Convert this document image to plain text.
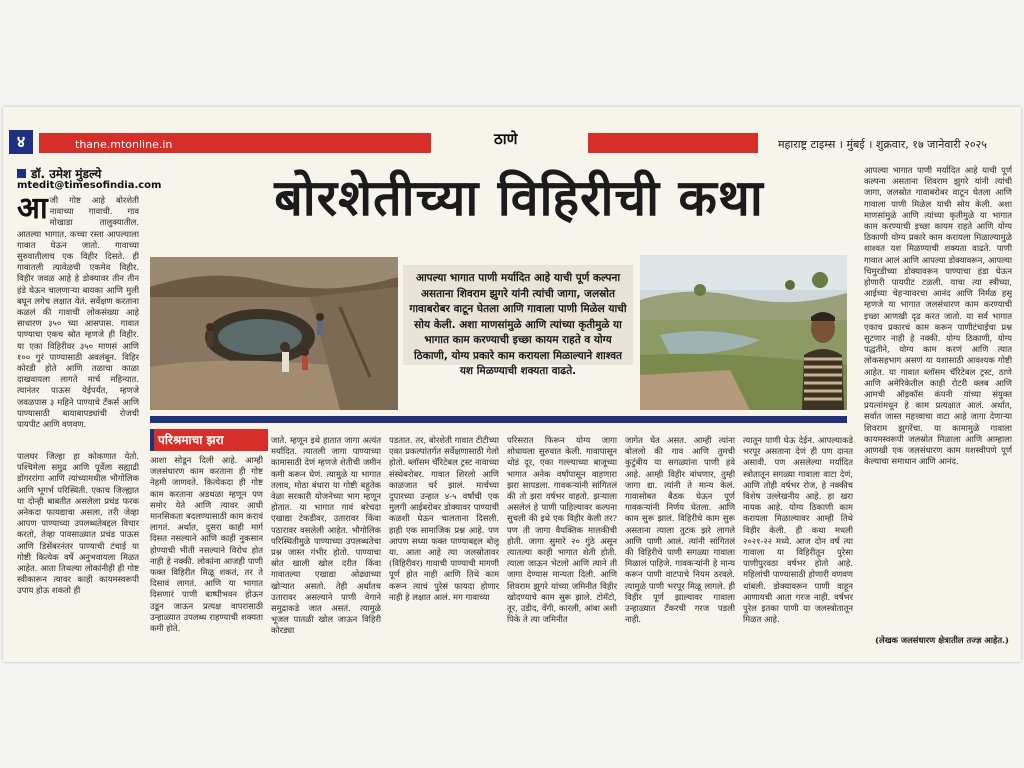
४	thane.mtonline.in	ठाणे	महाराष्ट्र टाइम्स । मुंबई । शुक्रवार, १७ जानेवारी २०२५
डॉ. उमेश मुंडल्ये
mtedit@timesofindia.com	बोरशेतीच्या विहिरीची कथा
आ जी गोष्ट आहे बोरशेती नावाच्या गावाची. गाव मोखाडा तालुक्यातील. आतल्या भागात. कच्चा रस्ता आपल्याला गावात घेऊन जातो. गावाच्या सुरुवातीलाच एक विहीर दिसते. ही गावातली त्यावेळची एकमेव विहीर. विहीर जवळ आहे हे डोक्यावर तीन तीन हंडे घेऊन चालणाऱ्या बायका आणि मुली बघून लगेच लक्षात येतं. सर्वेक्षण करताना कळलं की गावाची लोकसंख्या आहे साधारण ३५० च्या आसपास. गावात पाण्याचा एकच स्रोत म्हणजे ही विहीर. या एका विहिरीवर ३५० माणसं आणि १०० गुरं पाण्यासाठी अवलंबून. विहिर कोरडी होते आणि तळाचा काळा दाखवायला लागते मार्च महिन्यात. त्यानंतर पाऊस येईपर्यंत, म्हणजे जवळपास ३ महिने पाण्याचे टँकर्स आणि पाण्यासाठी बायाबापड्यांची रोजची पायपीट आणि वणवण.
आपल्या भागात पाणी मर्यादित आहे याची पूर्ण कल्पना असताना शिवराम झुगरे यांनी त्यांची जागा, जलस्रोत गावाबरोबर वाटून घेतला आणि गावाला पाणी मिळेल याची सोय केली. अशा माणसांमुळे आणि त्यांच्या कृतीमुळे या भागात काम करण्याची इच्छा कायम राहते व योग्य ठिकाणी, योग्य प्रकारे काम करायला मिळाल्याने शाश्वत यश मिळण्याची शक्यता वाढते.
आपल्या भागात पाणी मर्यादित आहे याची पूर्ण कल्पना असताना शिवराम झुगरे यांनी त्यांची जागा, जलस्रोत गावाबरोबर वाटून घेतला आणि गावाला पाणी मिळेल याची सोय केली. अशा माणसांमुळे आणि त्यांच्या कृतीमुळे या भागात काम करण्याची इच्छा कायम राहते आणि योग्य ठिकाणी योग्य प्रकारे काम करायला मिळाल्यामुळे शाश्वत यश मिळण्याची शक्यता वाढते. पाणी गावात आलं आणि आपल्या डोक्यावरून, आपल्या चिमुरडीच्या डोक्यावरून पाण्याचा हंडा घेऊन होणारी पायपीट टळली. याचा त्या स्त्रीच्या, आईच्या चेहऱ्यावरचा आनंद आणि निर्मळ हसू म्हणजे या भागात जलसंधारण काम करण्याची इच्छा आणखी दृढ करत जातो. या सर्व भागात एकाच प्रकारचं काम करून पाणीटंचाईचा प्रश्न सुटणार नाही हे नक्की. योग्य ठिकाणी, योग्य पद्धतीने, योग्य काम करणं आणि त्यात लोकसहभाग असणं या यशासाठी आवश्यक गोष्टी आहेत. या गावात ब्लॉसम चॅरिटेबल ट्रस्ट, ठाणे आणि अमेरिकेतील काही रोटरी क्लब आणि आमची ऑइकॉस कंपनी यांच्या संयुक्त प्रयत्नांमधून हे काम प्रत्यक्षात आलं. अर्थात, सर्वात जास्त महत्त्वाचा वाटा आहे जागा देणाऱ्या शिवराम झुगरेंचा. या कामामुळे गावाला कायमस्वरूपी जलस्रोत मिळाला आणि आम्हाला आणखी एक जलसंधारण काम यशस्वीपणे पूर्ण केल्याचा समाधान आणि आनंद.
परिश्रमाचा झरा
पालघर जिल्हा हा कोकणात येतो. पश्चिमेला समुद्र आणि पूर्वेला सह्याद्री डोंगररांगा आणि त्यांच्यामधील भौगोलिक आणि भूगर्भ परिस्थिती. एकाच जिल्ह्यात या दोन्ही बाबतीत असलेला प्रचंड फरक अनेकदा फायद्याचा असला, तरी जेव्हा आपण पाण्याच्या उपलब्धतेबद्दल विचार करतो, तेव्हा पावसाळ्यात प्रचंड पाऊस आणि डिसेंबरनंतर पाण्याची टंचाई या गोष्टी कित्येक वर्षे अनुभवायला मिळत आहेत. आता तिथल्या लोकांनीही ही गोष्ट स्वीकारून त्यावर काही कायमस्वरूपी उपाय होऊ शकतो ही
आशा सोडून दिली आहे. आम्ही जलसंधारण काम करताना ही गोष्ट नेहमी जाणवते. कित्येकदा ही गोष्ट काम करताना अडथळा म्हणून पण समोर येते आणि त्यावर आधी मानसिकता बदलण्यासाठी काम करावं लागतं. अर्थात, दुसरा काही मार्ग दिसत नसल्याने आणि काही नुकसान होण्याची भीती नसल्याने विरोध होत नाही हे नक्की. लोकांना आजही पाणी फक्त विहिरीत मिळू शकतं, तर ते दिसावं लागतं. आणि या भागात दिसणारं पाणी बाष्पीभवन होऊन उडून जाऊन प्रत्यक्ष वापरासाठी उन्हाळ्यात उपलब्ध राहण्याची शक्यता कमी होते.
जाते. म्हणून इथे हातात जागा अत्यंत मर्यादित. त्यातली जागा पाण्याच्या कामासाठी देणं म्हणजे शेतीची जमीन कमी करून घेणं. त्यामुळे या भागात तलाव, मोठा बंधारा या गोष्टी बहुतेक वेळा सरकारी योजनेच्या भाग म्हणून होतात. या भागात गावं बरेचदा एखाद्या टेकडीवर, उतारावर किंवा पठारावर वसलेली आहेत. भौगोलिक परिस्थितीमुळे पाण्याच्या उपलब्धतेचा प्रश्न जास्त गंभीर होतो. पाण्याचा स्रोत खाली खोल दरीत किंवा गावातल्या एखाद्या ओढ्याच्या खोऱ्यात असतो. तेही अर्थातच उतारावर असल्याने पाणी वेगाने समुद्राकडे जात असतं. त्यामुळे भूजल पातळी खोल जाऊन विहिरी कोरड्या
पडतात. तर, बोरशेती गावात टीटीच्या एका प्रकल्पांतर्गत सर्वेक्षणासाठी गेलो होतो. ब्लॉसम चॅरिटेबल ट्रस्ट नावाच्या संस्थेबरोबर. गावात शिरलो आणि काळजात चर्र झालं. मार्चच्या दुपारच्या उन्हात ४-५ वर्षांची एक मुलगी आईबरोबर डोक्यावर पाण्याची कळशी घेऊन चालताना दिसली. हाही एक सामाजिक प्रश्न आहे. पण आपण सध्या फक्त पाण्याबद्दल बोलू या. आता आहे त्या जलस्रोतावर (विहिरीवर) गावाची पाण्याची मागणी पूर्ण होत नाही आणि तिथे काम करून त्याचं पुरेसं फायदा होणार नाही हे लक्षात आलं. मग गावाच्या
परिसरात फिरून योग्य जागा शोधायला सुरुवात केली. गावापासून थोडं दूर, एका गल्ल्याच्या बाजूच्या भागात अनेक वर्षांपासून वाहणारा झरा सापडला. गावकऱ्यांनी सांगितलं की तो झरा वर्षभर वाहतो. झऱ्याला असलेलं हे पाणी पाहिल्यावर कल्पना सुचली की इथे एक विहीर केली तर? पण ती जागा वैयक्तिक मालकीची होती. जागा सुमारे २० गुंठे असून त्यातल्या काही भागात शेती होती. त्याला जाऊन भेटलो आणि त्याने ती जागा देण्यास मान्यता दिली. आणि शिवराम झुगरे यांच्या जमिनीत विहीर खोदण्याचे काम सुरू झाले. टोमॅटो, तूर, उडीद, वेंगी, कारली, आंबा अशी पिके ते त्या जमिनीत
जागेत घेत असत. आम्ही त्यांना बोललो की गाव आणि तुमची कुटुंबीय या सगळ्यांना पाणी हवे आहे. आम्ही विहीर बांधणार, तुम्ही जागा द्या. त्यांनी ते मान्य केलं. गावासोबत बैठक घेऊन पूर्ण गावकऱ्यांनी निर्णय घेतला. आणि काम सुरू झालं. विहिरीचे काम सुरू असताना त्याला तुटक झरे लागले आणि पाणी आलं. त्यांनी सांगितलं की विहिरीचे पाणी सगळ्या गावाला मिळालं पाहिजे. गावकऱ्यांनी हे मान्य करून पाणी वाटपाचे नियम ठरवले. त्यामुळे पाणी भरपूर मिळू लागले. ही विहीर पूर्ण झाल्यावर गावाला उन्हाळ्यात टँकरची गरज पडली नाही.
त्यातून पाणी घेऊ देईन. आपल्याकडे भरपूर असताना देणं ही पण दानत असावी. पण असलेल्या मर्यादित स्त्रोतातून सगळ्या गावाला वाटा देणं, आणि तोही वर्षभर रोज, हे नक्कीच विशेष उल्लेखनीय आहे. हा खरा नायक आहे. योग्य ठिकाणी काम करायला मिळाल्यावर आम्ही तिथे विहीर केली. ही कथा मधली २०२१-२२ मध्ये. आज दोन वर्षं त्या गावाला या विहिरीतून पुरेसा पाणीपुरवठा वर्षभर होतो आहे. महिलांची पाण्यासाठी होणारी वणवण थांबली. डोक्यावरून पाणी वाहून आणायची आता गरज नाही. वर्षभर पुरेल इतका पाणी या जलस्त्रोतातून मिळत आहे.
(लेखक जलसंधारण क्षेत्रातील तज्ज्ञ आहेत.)
